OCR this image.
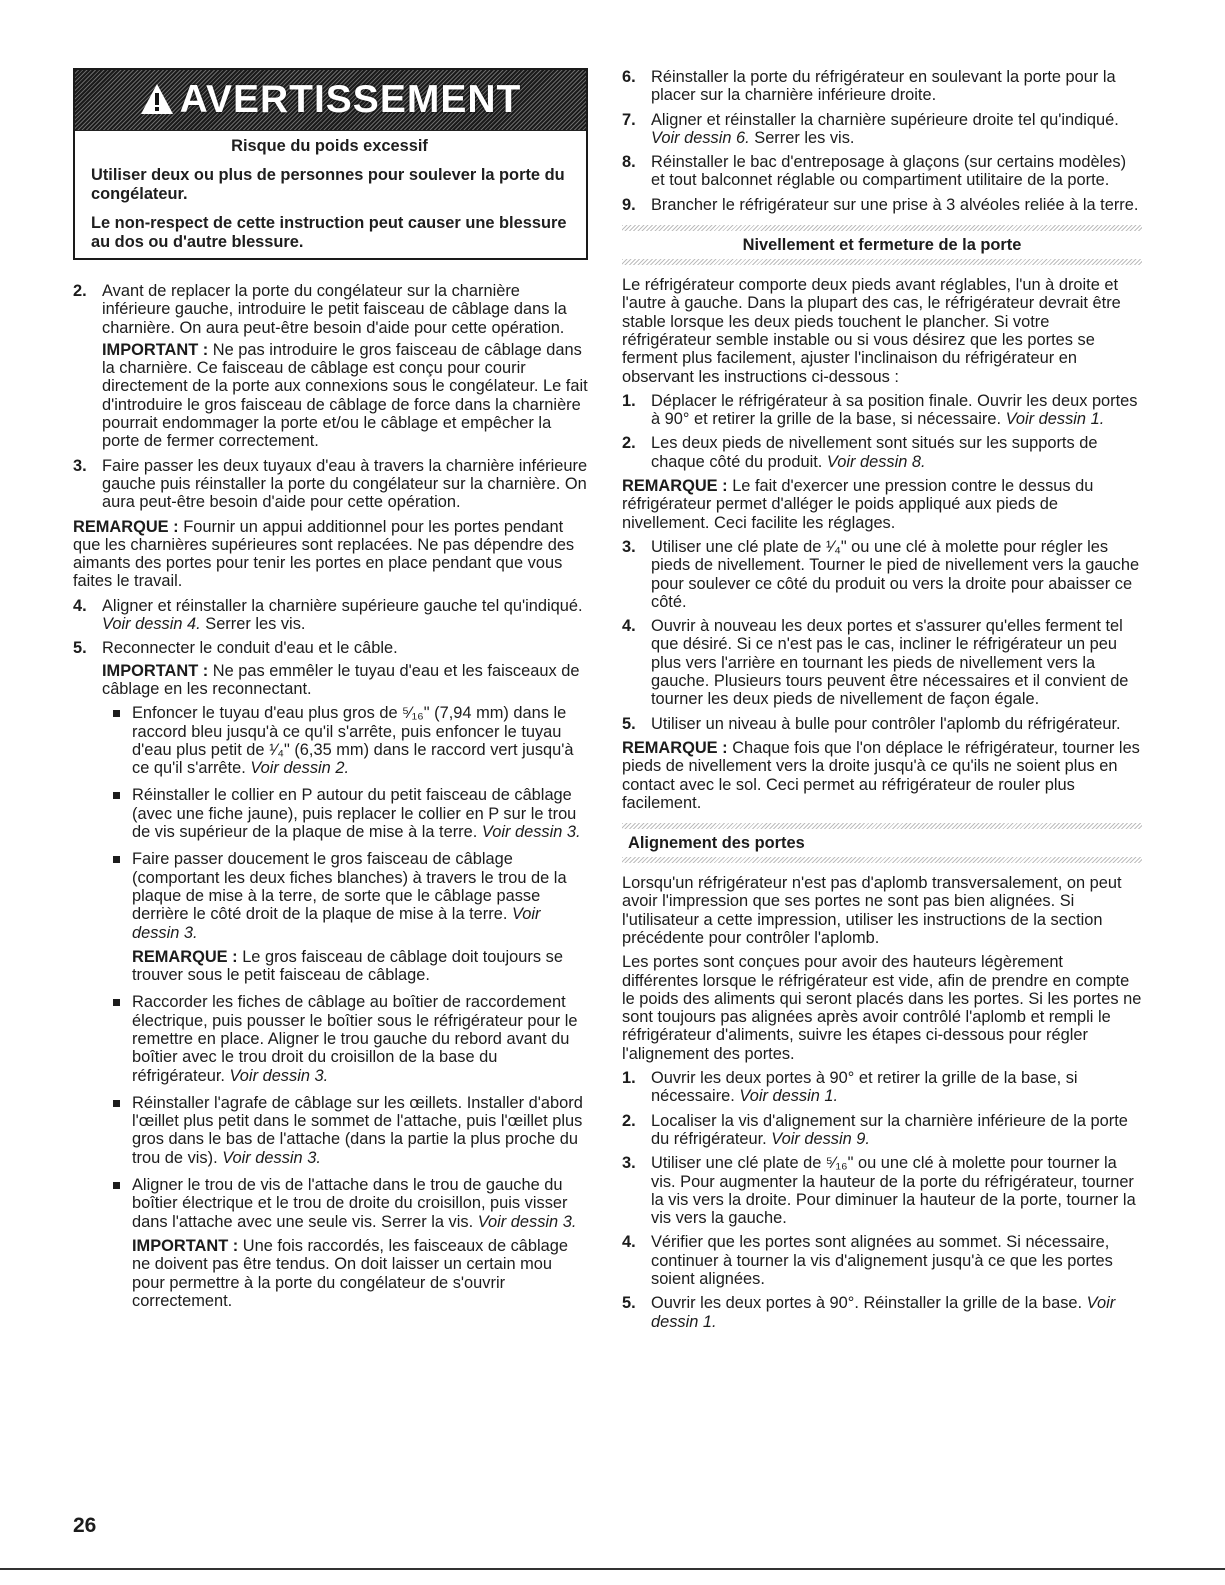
AVERTISSEMENT
Risque du poids excessif

Utiliser deux ou plus de personnes pour soulever la porte du congélateur.

Le non-respect de cette instruction peut causer une blessure au dos ou d'autre blessure.

2. Avant de replacer la porte du congélateur sur la charnière inférieure gauche, introduire le petit faisceau de câblage dans la charnière. On aura peut-être besoin d'aide pour cette opération.

IMPORTANT : Ne pas introduire le gros faisceau de câblage dans la charnière. Ce faisceau de câblage est conçu pour courir directement de la porte aux connexions sous le congélateur. Le fait d'introduire le gros faisceau de câblage de force dans la charnière pourrait endommager la porte et/ou le câblage et empêcher la porte de fermer correctement.

3. Faire passer les deux tuyaux d'eau à travers la charnière inférieure gauche puis réinstaller la porte du congélateur sur la charnière. On aura peut-être besoin d'aide pour cette opération.

REMARQUE : Fournir un appui additionnel pour les portes pendant que les charnières supérieures sont replacées. Ne pas dépendre des aimants des portes pour tenir les portes en place pendant que vous faites le travail.

4. Aligner et réinstaller la charnière supérieure gauche tel qu'indiqué. Voir dessin 4. Serrer les vis.

5. Reconnecter le conduit d'eau et le câble.

IMPORTANT : Ne pas emmêler le tuyau d'eau et les faisceaux de câblage en les reconnectant.

Enfoncer le tuyau d'eau plus gros de ⁵⁄₁₆" (7,94 mm) dans le raccord bleu jusqu'à ce qu'il s'arrête, puis enfoncer le tuyau d'eau plus petit de ¹⁄₄" (6,35 mm) dans le raccord vert jusqu'à ce qu'il s'arrête. Voir dessin 2.

Réinstaller le collier en P autour du petit faisceau de câblage (avec une fiche jaune), puis replacer le collier en P sur le trou de vis supérieur de la plaque de mise à la terre. Voir dessin 3.

Faire passer doucement le gros faisceau de câblage (comportant les deux fiches blanches) à travers le trou de la plaque de mise à la terre, de sorte que le câblage passe derrière le côté droit de la plaque de mise à la terre. Voir dessin 3.

REMARQUE : Le gros faisceau de câblage doit toujours se trouver sous le petit faisceau de câblage.

Raccorder les fiches de câblage au boîtier de raccordement électrique, puis pousser le boîtier sous le réfrigérateur pour le remettre en place. Aligner le trou gauche du rebord avant du boîtier avec le trou droit du croisillon de la base du réfrigérateur. Voir dessin 3.

Réinstaller l'agrafe de câblage sur les œillets. Installer d'abord l'œillet plus petit dans le sommet de l'attache, puis l'œillet plus gros dans le bas de l'attache (dans la partie la plus proche du trou de vis). Voir dessin 3.

Aligner le trou de vis de l'attache dans le trou de gauche du boîtier électrique et le trou de droite du croisillon, puis visser dans l'attache avec une seule vis. Serrer la vis. Voir dessin 3.

IMPORTANT : Une fois raccordés, les faisceaux de câblage ne doivent pas être tendus. On doit laisser un certain mou pour permettre à la porte du congélateur de s'ouvrir correctement.

6. Réinstaller la porte du réfrigérateur en soulevant la porte pour la placer sur la charnière inférieure droite.

7. Aligner et réinstaller la charnière supérieure droite tel qu'indiqué. Voir dessin 6. Serrer les vis.

8. Réinstaller le bac d'entreposage à glaçons (sur certains modèles) et tout balconnet réglable ou compartiment utilitaire de la porte.

9. Brancher le réfrigérateur sur une prise à 3 alvéoles reliée à la terre.

Nivellement et fermeture de la porte

Le réfrigérateur comporte deux pieds avant réglables, l'un à droite et l'autre à gauche. Dans la plupart des cas, le réfrigérateur devrait être stable lorsque les deux pieds touchent le plancher. Si votre réfrigérateur semble instable ou si vous désirez que les portes se ferment plus facilement, ajuster l'inclinaison du réfrigérateur en observant les instructions ci-dessous :

1. Déplacer le réfrigérateur à sa position finale. Ouvrir les deux portes à 90° et retirer la grille de la base, si nécessaire. Voir dessin 1.

2. Les deux pieds de nivellement sont situés sur les supports de chaque côté du produit. Voir dessin 8.

REMARQUE : Le fait d'exercer une pression contre le dessus du réfrigérateur permet d'alléger le poids appliqué aux pieds de nivellement. Ceci facilite les réglages.

3. Utiliser une clé plate de ¹⁄₄" ou une clé à molette pour régler les pieds de nivellement. Tourner le pied de nivellement vers la gauche pour soulever ce côté du produit ou vers la droite pour abaisser ce côté.

4. Ouvrir à nouveau les deux portes et s'assurer qu'elles ferment tel que désiré. Si ce n'est pas le cas, incliner le réfrigérateur un peu plus vers l'arrière en tournant les pieds de nivellement vers la gauche. Plusieurs tours peuvent être nécessaires et il convient de tourner les deux pieds de nivellement de façon égale.

5. Utiliser un niveau à bulle pour contrôler l'aplomb du réfrigérateur.

REMARQUE : Chaque fois que l'on déplace le réfrigérateur, tourner les pieds de nivellement vers la droite jusqu'à ce qu'ils ne soient plus en contact avec le sol. Ceci permet au réfrigérateur de rouler plus facilement.

Alignement des portes

Lorsqu'un réfrigérateur n'est pas d'aplomb transversalement, on peut avoir l'impression que ses portes ne sont pas bien alignées. Si l'utilisateur a cette impression, utiliser les instructions de la section précédente pour contrôler l'aplomb.

Les portes sont conçues pour avoir des hauteurs légèrement différentes lorsque le réfrigérateur est vide, afin de prendre en compte le poids des aliments qui seront placés dans les portes. Si les portes ne sont toujours pas alignées après avoir contrôlé l'aplomb et rempli le réfrigérateur d'aliments, suivre les étapes ci-dessous pour régler l'alignement des portes.

1. Ouvrir les deux portes à 90° et retirer la grille de la base, si nécessaire. Voir dessin 1.

2. Localiser la vis d'alignement sur la charnière inférieure de la porte du réfrigérateur. Voir dessin 9.

3. Utiliser une clé plate de ⁵⁄₁₆" ou une clé à molette pour tourner la vis. Pour augmenter la hauteur de la porte du réfrigérateur, tourner la vis vers la droite. Pour diminuer la hauteur de la porte, tourner la vis vers la gauche.

4. Vérifier que les portes sont alignées au sommet. Si nécessaire, continuer à tourner la vis d'alignement jusqu'à ce que les portes soient alignées.

5. Ouvrir les deux portes à 90°. Réinstaller la grille de la base. Voir dessin 1.

26
